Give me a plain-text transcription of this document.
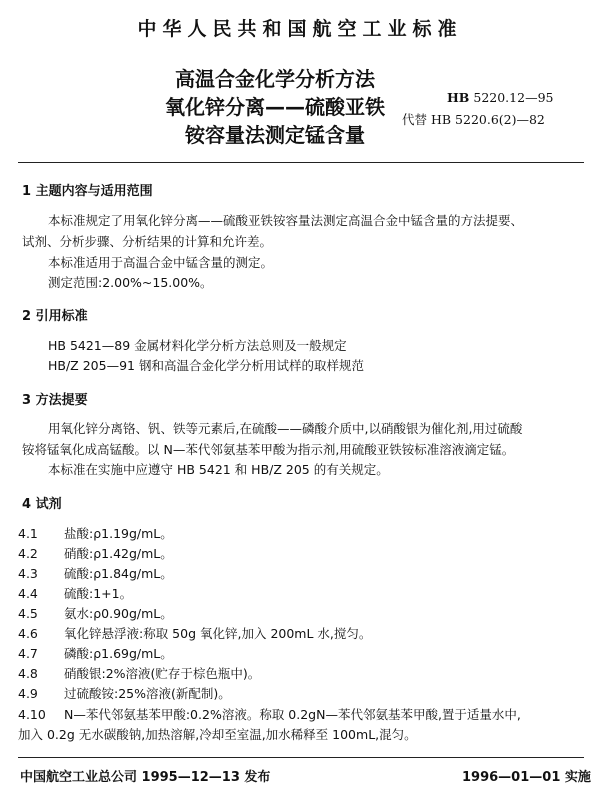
中华人民共和国航空工业标准
高温合金化学分析方法
氧化锌分离——硫酸亚铁
铵容量法测定锰含量
HB 5220.12—95
代替 HB 5220.6(2)—82
1 主题内容与适用范围
本标准规定了用氧化锌分离——硫酸亚铁铵容量法测定高温合金中锰含量的方法提要、
试剂、分析步骤、分析结果的计算和允许差。
本标准适用于高温合金中锰含量的测定。
测定范围:2.00%~15.00%。
2 引用标准
HB 5421—89 金属材料化学分析方法总则及一般规定
HB/Z 205—91 钢和高温合金化学分析用试样的取样规范
3 方法提要
用氧化锌分离铬、钒、铁等元素后,在硫酸——磷酸介质中,以硝酸银为催化剂,用过硫酸
铵将锰氧化成高锰酸。以 N—苯代邻氨基苯甲酸为指示剂,用硫酸亚铁铵标准溶液滴定锰。
本标准在实施中应遵守 HB 5421 和 HB/Z 205 的有关规定。
4 试剂
4.1 盐酸:ρ1.19g/mL。
4.2 硝酸:ρ1.42g/mL。
4.3 硫酸:ρ1.84g/mL。
4.4 硫酸:1+1。
4.5 氨水:ρ0.90g/mL。
4.6 氧化锌悬浮液:称取 50g 氧化锌,加入 200mL 水,搅匀。
4.7 磷酸:ρ1.69g/mL。
4.8 硝酸银:2%溶液(贮存于棕色瓶中)。
4.9 过硫酸铵:25%溶液(新配制)。
4.10 N—苯代邻氨基苯甲酸:0.2%溶液。称取 0.2gN—苯代邻氨基苯甲酸,置于适量水中,
加入 0.2g 无水碳酸钠,加热溶解,冷却至室温,加水稀释至 100mL,混匀。
中国航空工业总公司 1995—12—13 发布	1996—01—01 实施
